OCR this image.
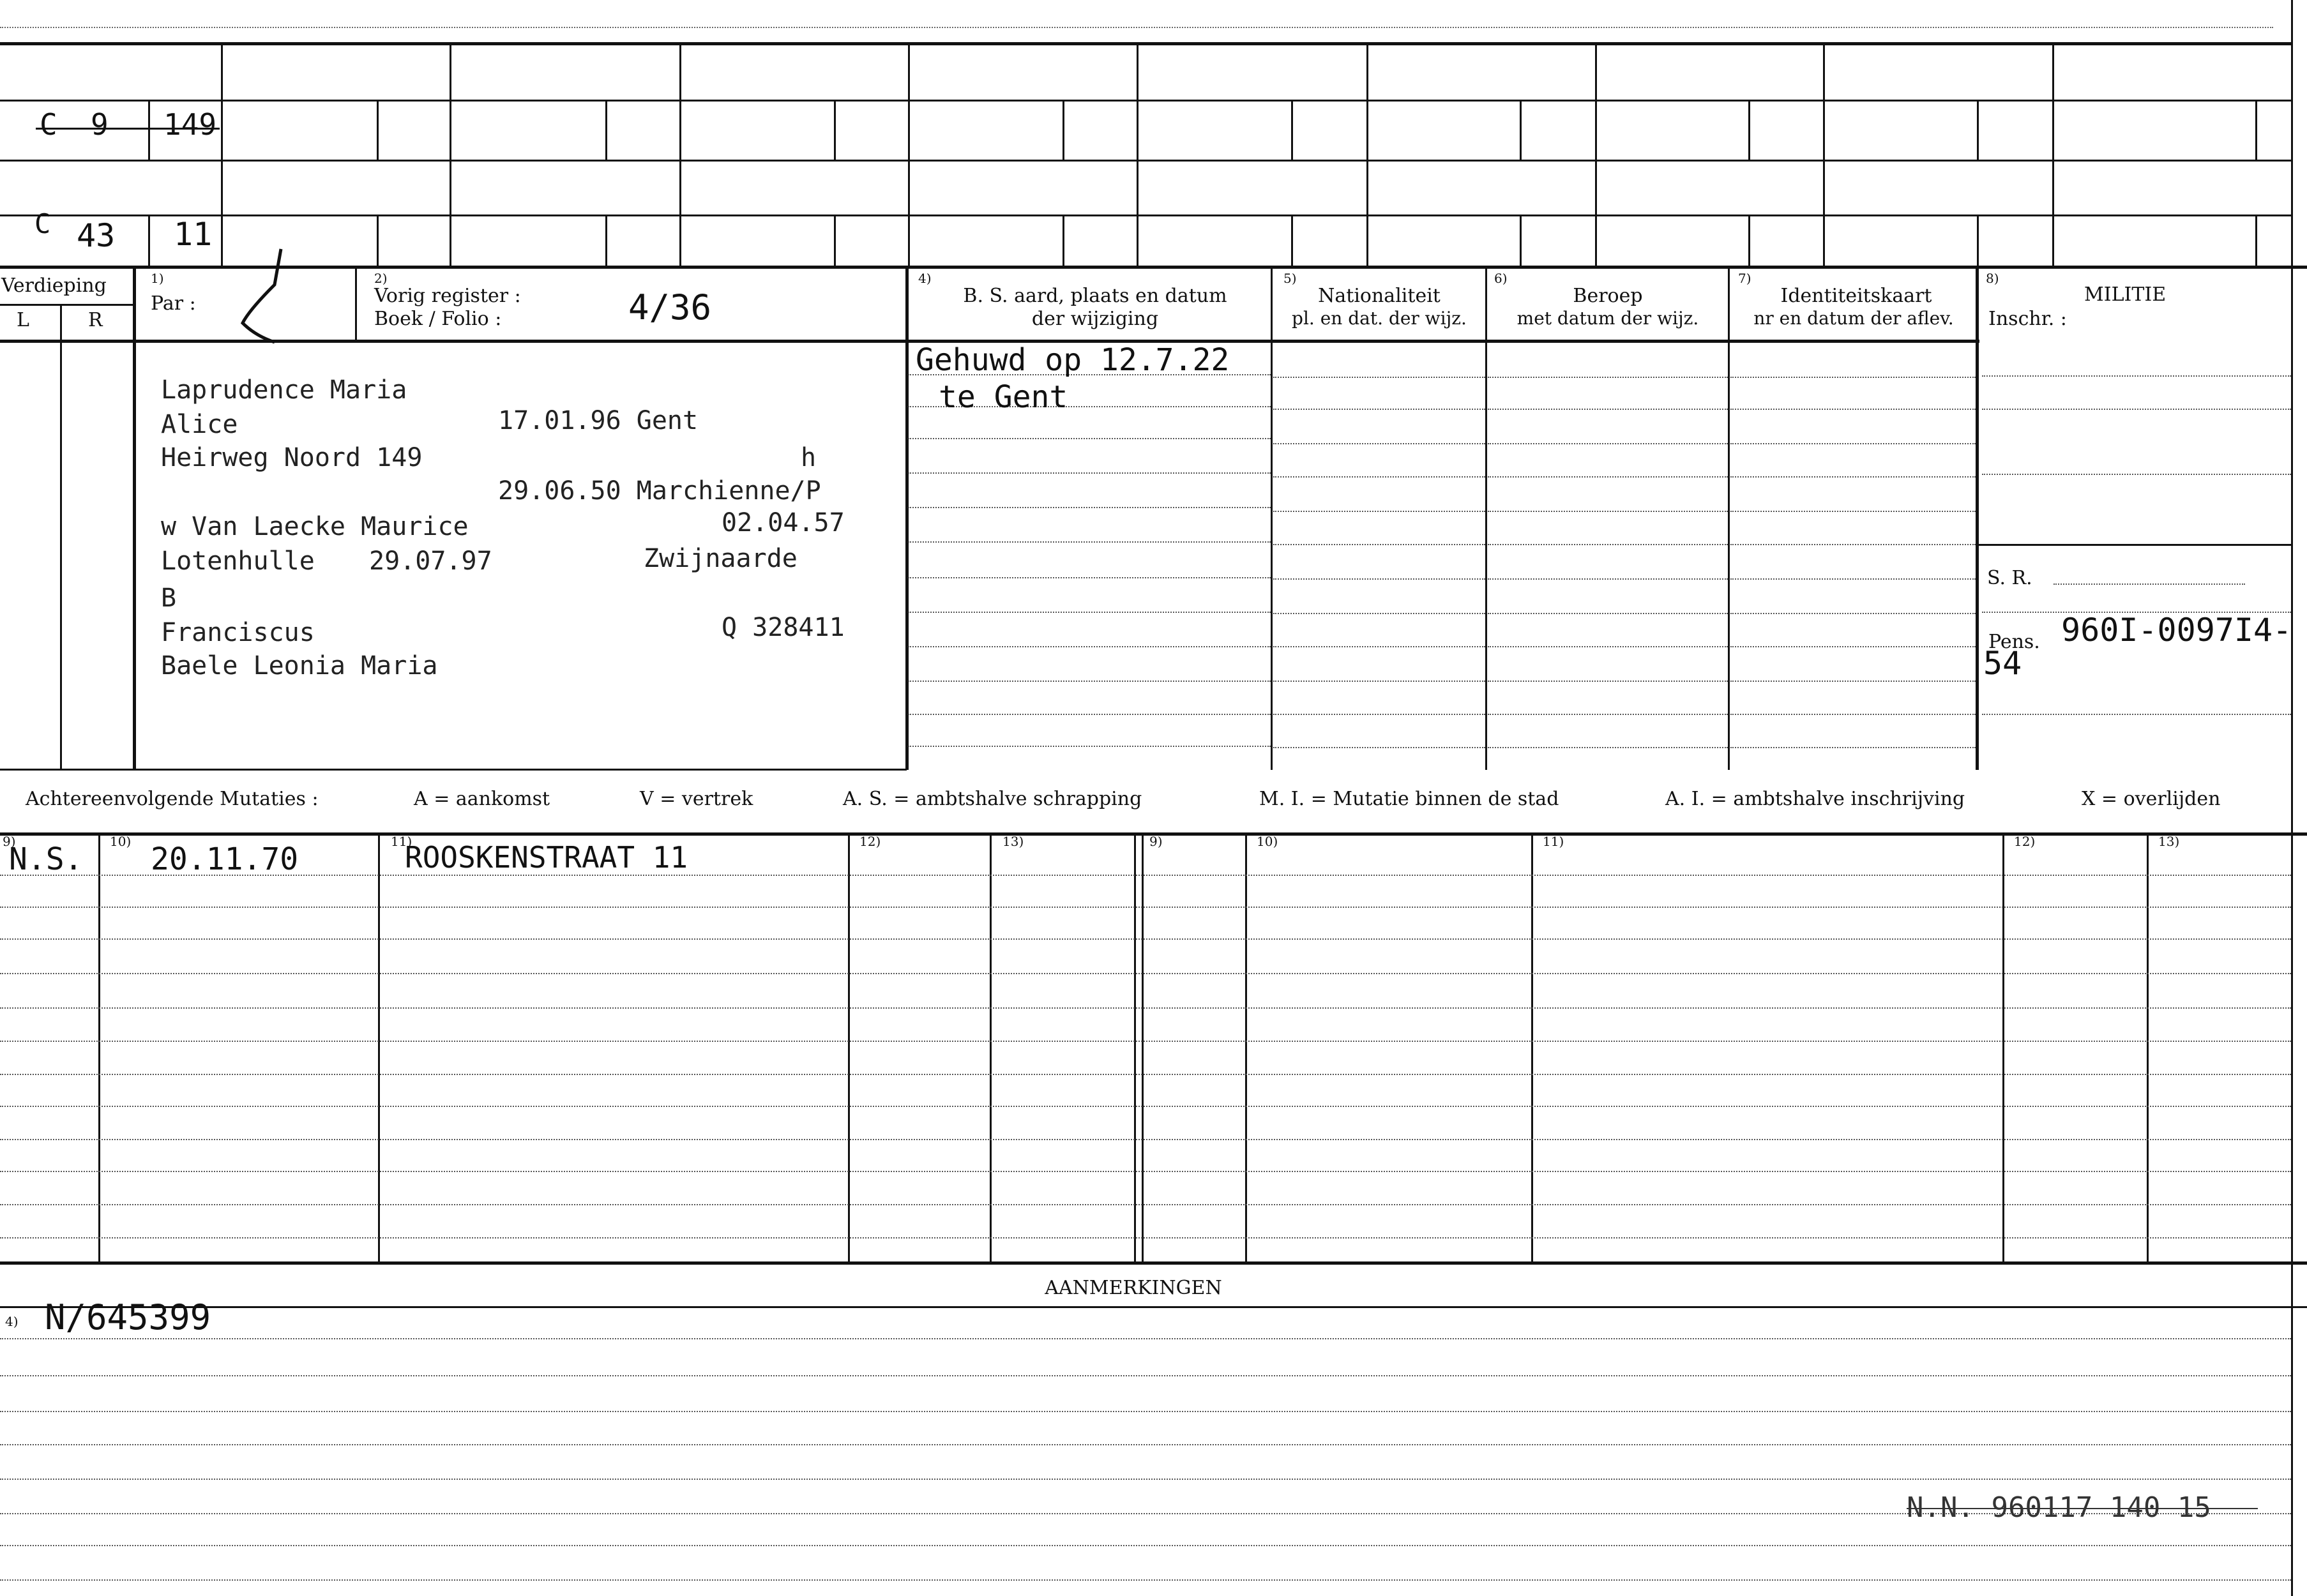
C 9 149
C 43 11
Verdieping
L	R
1)
Par :
2)
Vorig register :
Boek / Folio :	4/36
4)
B. S. aard, plaats en datum
der wijziging
5)
Nationaliteit
pl. en dat. der wijz.
6)
Beroep
met datum der wijz.
7)
Identiteitskaart
nr en datum der aflev.
8)
MILITIE
Inschr. :
Laprudence Maria
Alice	17.01.96 Gent
Heirweg Noord 149	h
29.06.50 Marchienne/P
w Van Laecke Maurice	02.04.57
Lotenhulle 29.07.97	Zwijnaarde
B
Franciscus	Q 328411
Baele Leonia Maria
Gehuwd op 12.7.22
te Gent
S. R.
Pens. 960I-0097I4-
54
Achtereenvolgende Mutaties :	A = aankomst	V = vertrek	A. S. = ambtshalve schrapping	M. I. = Mutatie binnen de stad	A. I. = ambtshalve inschrijving	X = overlijden
9)	10)	11)	12)	13)	9)	10)	11)	12)	13)
N.S. 20.11.70	ROOSKENSTRAAT 11
AANMERKINGEN
4) N/645399
N.N. 960117 140 15
